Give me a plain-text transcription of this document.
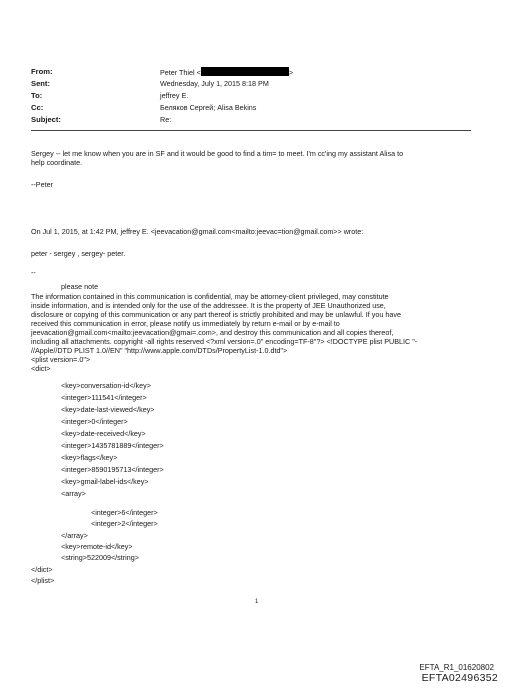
From:	Peter Thiel <	>
Sent:	Wednesday, July 1, 2015 8:18 PM
To:	jeffrey E.
Cc:	Беляков Сергей; Alisa Bekins
Subject:	Re:
Sergey -- let me know when you are in SF and it would be good to find a tim= to meet. I'm cc'ing my assistant Alisa to
help coordinate.
--Peter
On Jul 1, 2015, at 1:42 PM, jeffrey E. <jeevacation@gmail.com<mailto:jeevac=tion@gmail.com>> wrote:
peter - sergey , sergey- peter.
--
please note
The information contained in this communication is confidential, may be attorney-client privileged, may constitute
inside information, and is intended only for the use of the addressee. It is the property of JEE Unauthorized use,
disclosure or copying of this communication or any part thereof is strictly prohibited and may be unlawful. If you have
received this communication in error, please notify us immediately by return e-mail or by e-mail to
jeevacation@gmail.com<mailto:jeevacation@gmai=.com>, and destroy this communication and all copies thereof,
including all attachments. copyright -all rights reserved <?xml version=.0" encoding=TF-8"?> <!DOCTYPE plist PUBLIC "-
//Apple//DTD PLIST 1.0//EN" "http://www.apple.com/DTDs/PropertyList-1.0.dtd">
<plist version=.0">
<dict>
<key>conversation-id</key>
<integer>111541</integer>
<key>date-last-viewed</key>
<integer>0</integer>
<key>date-received</key>
<integer>1435781889</integer>
<key>flags</key>
<integer>8590195713</integer>
<key>gmail-label-ids</key>
<array>
<integer>6</integer>
<integer>2</integer>
</array>
<key>remote-id</key>
<string>522009</string>
</dict>
</plist>
1
EFTA_R1_01620802
EFTA02496352
